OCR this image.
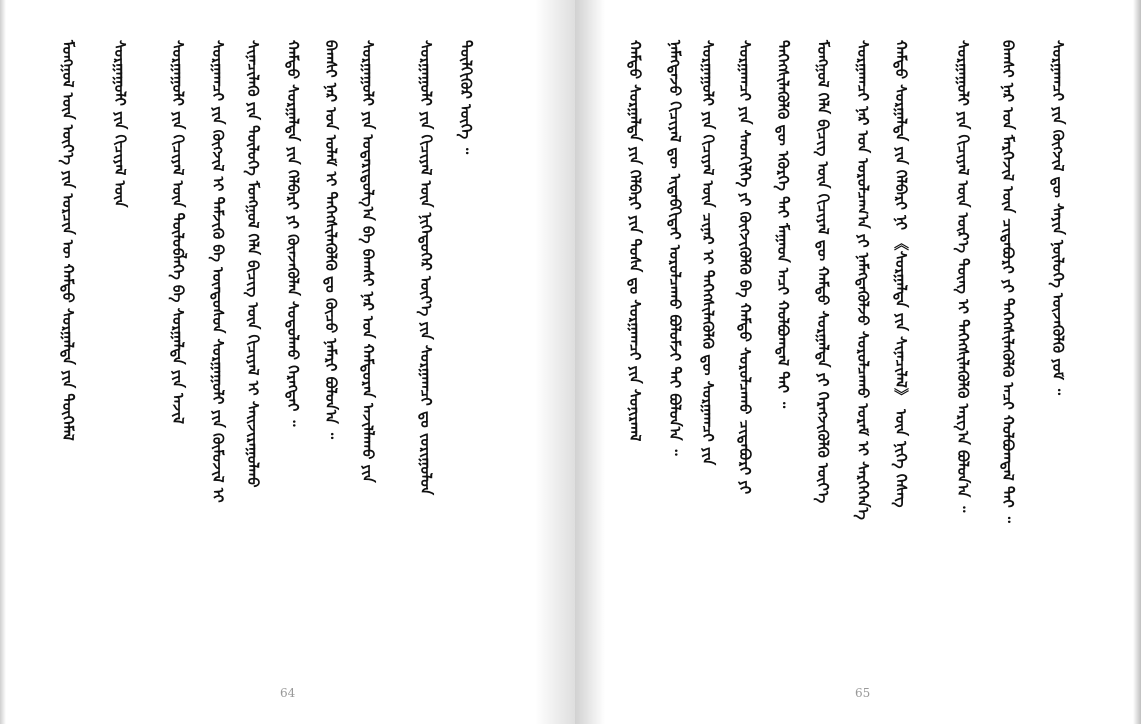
ᠮᠣᠩᠭᠣᠯ ᠦᠨ ᠦᠶ᠎ᠡ ᠶᠢᠨ ᠣᠷᠴᠢᠨ ᠦ ᠬᠠᠮᠲᠤ ᠰᠤᠷᠭᠠᠯᠲᠠ ᠶᠢᠨ ᠲᠦᠭᠡᠮᠡᠯ ᠰᠤᠷᠭᠠᠭᠤᠯᠢ ᠶᠢᠨ ᠬᠢᠴᠢᠶᠡᠯ ᠦᠨ	ᠰᠤᠷᠭᠠᠭᠤᠯᠢ ᠶᠢᠨ ᠬᠢᠴᠢᠶᠡᠯ ᠦᠨ ᠲᠥᠯᠥᠪᠯᠡᠭᠡ ᠪᠠ ᠰᠤᠷᠭᠠᠯᠲᠠ ᠶᠢᠨ ᠠᠵᠢᠯ ᠰᠤᠷᠭᠠᠭᠴᠢ ᠶᠢᠨ ᠬᠥᠭᠵᠢᠯ ᠢ ᠳᠡᠮᠵᠢᠬᠦ ᠪᠠ ᠦᠨᠳᠦᠰᠦᠨ ᠰᠤᠷᠭᠠᠭᠤᠯᠢ ᠶᠢᠨ ᠬᠦᠮᠦᠵᠢᠯ ᠢ ᠰᠢᠨᠡᠴᠢᠯᠡᠬᠦ ᠶᠢᠨ ᠲᠥᠯᠥᠭᠡ ᠮᠣᠩᠭᠣᠯ ᠬᠡᠯᠡ ᠪᠢᠴᠢᠭ ᠦᠨ ᠬᠢᠴᠢᠶᠡᠯ ᠢ ᠰᠠᠢᠵᠢᠷᠠᠭᠤᠯᠬᠤ ᠬᠠᠮᠲᠤ ᠰᠤᠷᠭᠠᠯᠲᠠ ᠶᠢᠨ ᠬᠡᠯᠪᠡᠷᠢ ᠶᠢ ᠭᠦᠨᠵᠡᠭᠦᠯᠡᠨ ᠰᠤᠳᠤᠯᠬᠤ ᠬᠡᠷᠡᠭᠲᠡᠶ ᠃ ᠪᠠᠭᠰᠢ ᠨᠠᠷ ᠤᠨ ᠤᠯᠠᠮ ᠢ ᠳᠡᠭᠡᠭᠰᠢᠯᠡᠭᠦᠯᠬᠦ ᠳᠤ ᠬᠦᠴᠦ ᠨᠡᠮᠡᠷᠢ ᠪᠣᠯᠤᠨ᠎ᠠ ᠃ ᠰᠤᠷᠭᠠᠭᠤᠯᠢ ᠶᠢᠨ ᠤᠳᠠᠷᠢᠳᠤᠯᠭ᠎ᠠ ᠪᠠ ᠪᠠᠭᠰᠢ ᠨᠠᠷ ᠤᠨ ᠬᠠᠮᠲᠤᠷᠠᠨ ᠠᠵᠢᠯᠯᠠᠬᠤ ᠶᠢᠨ	ᠰᠤᠷᠭᠠᠭᠤᠯᠢ ᠶᠢᠨ ᠬᠢᠴᠢᠶᠡᠯ ᠦᠨ ᠨᠢᠭᠡᠳᠦᠭᠡᠷ ᠦᠶ᠎ᠡ ᠶᠢᠨ ᠰᠤᠷᠭᠠᠭᠴᠢ ᠳᠤ ᠵᠣᠷᠢᠭᠤᠯᠤᠨ ᠲᠦᠯᠬᠢᠭᠦᠷ ᠦᠭᠡ ᠃
64
ᠬᠠᠮᠲᠤ ᠰᠤᠷᠭᠠᠯᠲᠠ ᠶᠢᠨ ᠬᠡᠯᠪᠡᠷᠢ ᠶᠢᠨ ᠲᠤᠰᠠ ᠳᠤ ᠰᠤᠷᠭᠠᠭᠴᠢ ᠶᠢᠨ ᠰᠣᠨᠢᠷᠬᠠᠯ ᠨᠡᠮᠡᠭᠳᠡᠵᠦ ᠬᠢᠴᠢᠶᠡᠯ ᠳᠦ ᠢᠳᠡᠪᠬᠢᠲᠡᠢ ᠣᠷᠣᠯᠴᠠᠬᠤ ᠪᠣᠯᠣᠮᠵᠢ ᠲᠠᠢ ᠪᠣᠯᠤᠨ᠎ᠠ ᠃ ᠰᠤᠷᠭᠠᠭᠤᠯᠢ ᠶᠢᠨ ᠬᠢᠴᠢᠶᠡᠯ ᠦᠨ ᠴᠢᠨᠠᠷ ᠢ ᠳᠡᠭᠡᠭᠰᠢᠯᠡᠭᠦᠯᠬᠦ ᠳᠦ ᠰᠤᠷᠭᠠᠭᠴᠢ ᠶᠢᠨ ᠰᠤᠷᠭᠠᠭᠴᠢ ᠶᠢᠨ ᠰᠡᠳᠬᠢᠯᠭᠡ ᠶᠢ ᠬᠥᠭᠵᠢᠭᠦᠯᠬᠦ ᠪᠠ ᠬᠠᠮᠲᠤ ᠰᠤᠷᠤᠯᠴᠠᠬᠤ ᠴᠢᠳᠠᠪᠤᠷᠢ ᠶᠢ ᠳᠡᠭᠡᠭᠰᠢᠯᠡᠭᠦᠯᠬᠦ ᠳᠦ ᠡᠭᠦᠷᠭᠡ ᠲᠠᠢ ᠮᠠᠭᠠᠳ ᠠᠴᠢ ᠬᠣᠯᠪᠣᠭᠳᠠᠯ ᠲᠠᠢ ᠃ ᠮᠣᠩᠭᠣᠯ ᠬᠡᠯᠡ ᠪᠢᠴᠢᠭ ᠦᠨ ᠬᠢᠴᠢᠶᠡᠯ ᠳᠦ ᠬᠠᠮᠲᠤ ᠰᠤᠷᠭᠠᠯᠲᠠ ᠶᠢ ᠬᠡᠷᠡᠭᠵᠢᠭᠦᠯᠬᠦ ᠦᠶ᠎ᠡ ᠰᠤᠷᠭᠠᠭᠴᠢ ᠨᠠᠷ ᠤᠨ ᠣᠷᠣᠯᠴᠠᠭ᠎ᠠ ᠶᠢ ᠨᠡᠮᠡᠭᠳᠡᠭᠦᠯᠵᠦ ᠰᠤᠷᠤᠯᠴᠠᠬᠤ ᠤᠷᠠᠮ ᠢ ᠰᠡᠷᠭᠡᠭᠡᠨ᠎ᠡ ᠬᠠᠮᠲᠤ ᠰᠤᠷᠭᠠᠯᠲᠠ ᠶᠢᠨ ᠬᠡᠯᠪᠡᠷᠢ ᠨᠢ 《ᠰᠤᠷᠭᠠᠯᠲᠠ ᠶᠢᠨ ᠰᠢᠨᠡᠴᠢᠯᠡᠯ》 ᠦᠨ ᠨᠢᠭᠡ ᠬᠡᠰᠡᠭ	ᠰᠤᠷᠭᠠᠭᠤᠯᠢ ᠶᠢᠨ ᠬᠢᠴᠢᠶᠡᠯ ᠦᠨ ᠦᠷ᠎ᠡ ᠳᠦᠩ ᠢ ᠳᠡᠭᠡᠭᠰᠢᠯᠡᠭᠦᠯᠬᠦ ᠠᠷᠭ᠎ᠠ ᠪᠣᠯᠤᠨ᠎ᠠ ᠃ ᠪᠠᠭᠰᠢ ᠨᠠᠷ ᠤᠨ ᠮᠡᠷᠭᠡᠵᠢᠯ ᠦᠨ ᠴᠢᠳᠠᠪᠤᠷᠢ ᠶᠢ ᠳᠡᠭᠡᠭᠰᠢᠯᠡᠭᠦᠯᠬᠦ ᠠᠴᠢ ᠬᠣᠯᠪᠣᠭᠳᠠᠯ ᠲᠠᠢ ᠃ ᠰᠤᠷᠭᠠᠭᠴᠢ ᠶᠢᠨ ᠬᠥᠭᠵᠢᠯ ᠳᠦ ᠰᠠᠶᠢᠨ ᠨᠥᠯᠥᠭᠡ ᠦᠵᠡᠭᠦᠯᠬᠦ ᠶᠤᠮ ᠃
65
